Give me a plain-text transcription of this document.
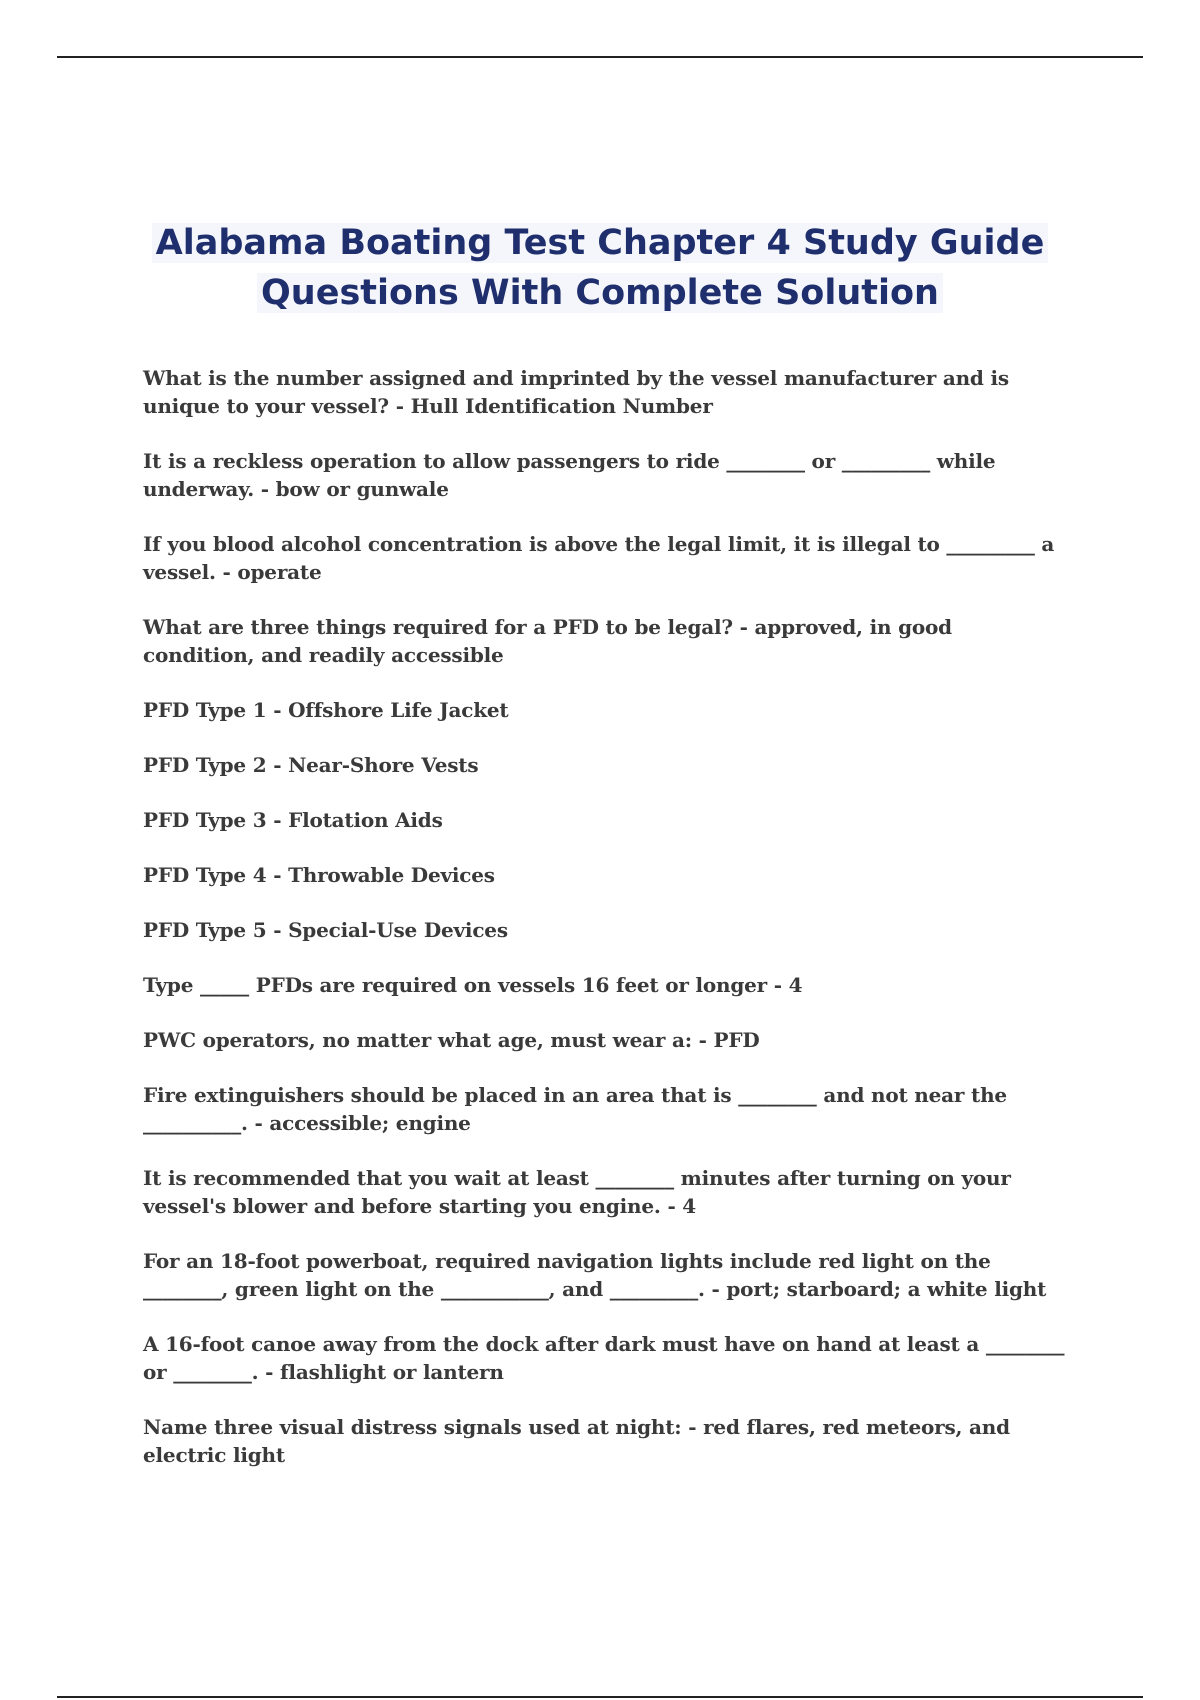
Alabama Boating Test Chapter 4 Study Guide
Questions With Complete Solution

What is the number assigned and imprinted by the vessel manufacturer and is unique to your vessel? - Hull Identification Number

It is a reckless operation to allow passengers to ride ________ or _________ while underway. - bow or gunwale

If you blood alcohol concentration is above the legal limit, it is illegal to _________ a vessel. - operate

What are three things required for a PFD to be legal? - approved, in good condition, and readily accessible

PFD Type 1 - Offshore Life Jacket

PFD Type 2 - Near-Shore Vests

PFD Type 3 - Flotation Aids

PFD Type 4 - Throwable Devices

PFD Type 5 - Special-Use Devices

Type _____ PFDs are required on vessels 16 feet or longer - 4

PWC operators, no matter what age, must wear a: - PFD

Fire extinguishers should be placed in an area that is ________ and not near the __________. - accessible; engine

It is recommended that you wait at least ________ minutes after turning on your vessel's blower and before starting you engine. - 4

For an 18-foot powerboat, required navigation lights include red light on the ________, green light on the ___________, and _________. - port; starboard; a white light

A 16-foot canoe away from the dock after dark must have on hand at least a ________ or ________. - flashlight or lantern

Name three visual distress signals used at night: - red flares, red meteors, and electric light
